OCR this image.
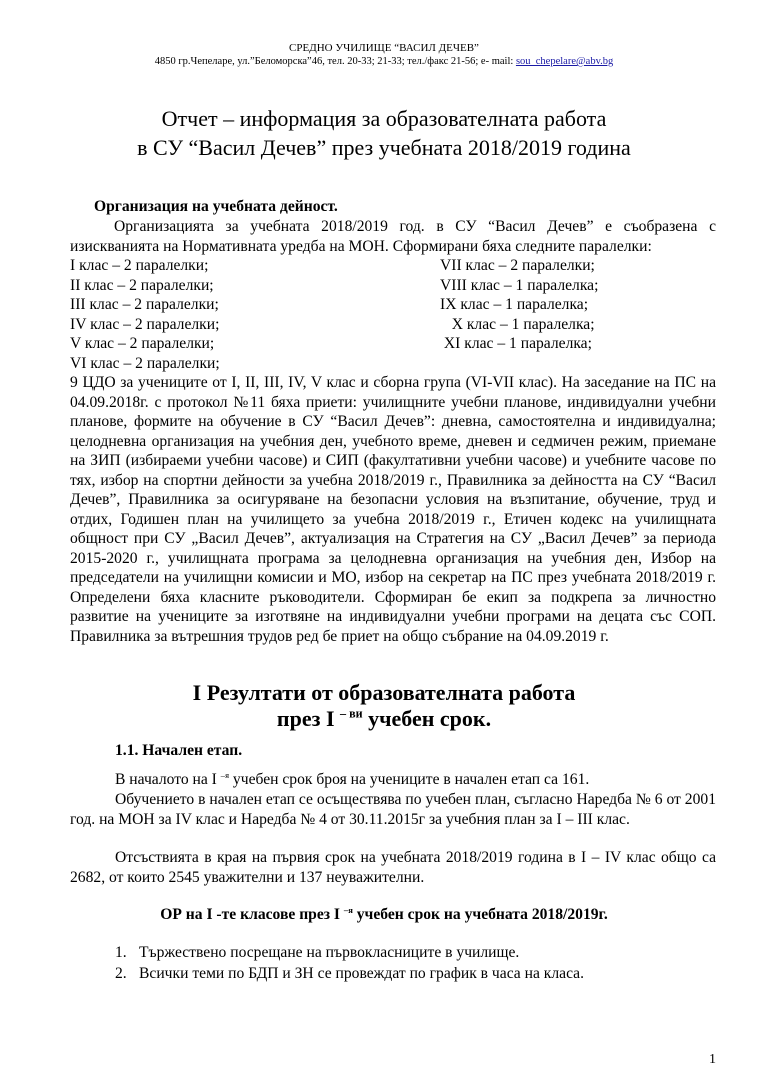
СРЕДНО УЧИЛИЩЕ “ВАСИЛ ДЕЧЕВ”
4850 гр.Чепеларе, ул.”Беломорска”46, тел. 20-33; 21-33; тел./факс 21-56; e- mail: sou_chepelare@abv.bg
Отчет – информация за образователната работа
в СУ “Васил Дечев” през учебната 2018/2019 година
Организация на учебната дейност.
Организацията за учебната 2018/2019 год. в СУ “Васил Дечев” е съобразена с изискванията на Нормативната уредба на МОН. Сформирани бяха следните паралелки:
I клас – 2 паралелки;	VII клас – 2 паралелки;
II клас – 2 паралелки;	VIII клас – 1 паралелка;
III клас – 2 паралелки;	IX клас – 1 паралелка;
IV клас – 2 паралелки;	X клас – 1 паралелка;
V клас – 2 паралелки;	XI клас – 1 паралелка;
VI клас – 2 паралелки;
9 ЦДО за учениците от I, II, III, IV, V клас и сборна група (VI-VII клас). На заседание на ПС на 04.09.2018г. с протокол №11 бяха приети: училищните учебни планове, индивидуални учебни планове, формите на обучение в СУ “Васил Дечев”: дневна, самостоятелна и индивидуална; целодневна организация на учебния ден, учебното време, дневен и седмичен режим, приемане на ЗИП (избираеми учебни часове) и СИП (факултативни учебни часове) и учебните часове по тях, избор на спортни дейности за учебна 2018/2019 г., Правилника за дейността на СУ “Васил Дечев”, Правилника за осигуряване на безопасни условия на възпитание, обучение, труд и отдих, Годишен план на училището за учебна 2018/2019 г., Етичен кодекс на училищната общност при СУ „Васил Дечев”, актуализация на Стратегия на СУ „Васил Дечев” за периода 2015-2020 г., училищната програма за целодневна организация на учебния ден, Избор на председатели на училищни комисии и МО, избор на секретар на ПС през учебната 2018/2019 г. Определени бяха класните ръководители. Сформиран бе екип за подкрепа за личностно развитие на учениците за изготвяне на индивидуални учебни програми на децата със СОП. Правилника за вътрешния трудов ред бе приет на общо събрание на 04.09.2019 г.
I Резултати от образователната работа
през I $^{- ви}$ учебен срок.
1.1. Начален етап.
В началото на I $^{-я}$ учебен срок броя на учениците в начален етап са 161.
Обучението в начален етап се осъществява по учебен план, съгласно Наредба № 6 от 2001 год. на МОН за IV клас и Наредба № 4 от 30.11.2015г за учебния план за I – III клас.
Отсъствията в края на първия срок на учебната 2018/2019 година в I – IV клас общо са 2682, от които 2545 уважителни и 137 неуважителни.
ОР на I -те класове през I $^{-я}$ учебен срок на учебната 2018/2019г.
1. Тържествено посрещане на първокласниците в училище.
2. Всички теми по БДП и ЗН се провеждат по график в часа на класа.
1
